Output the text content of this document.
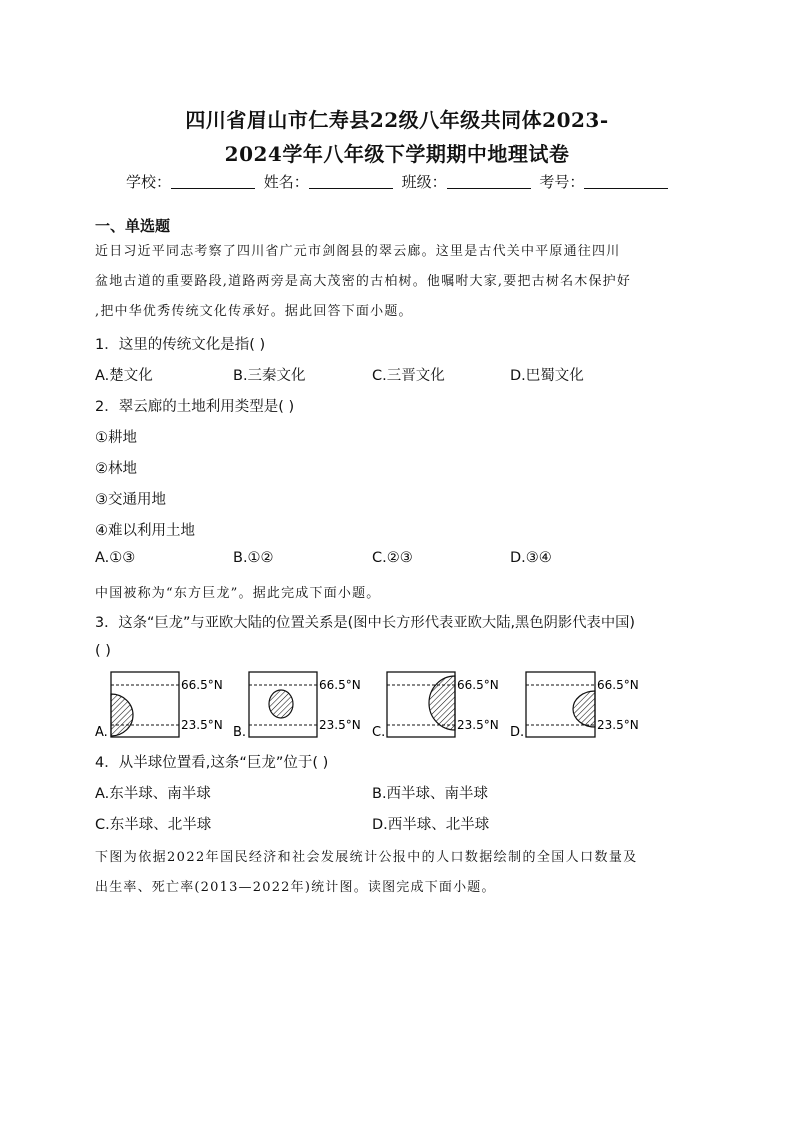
四川省眉山市仁寿县22级八年级共同体2023-
2024学年八年级下学期期中地理试卷
学校：	姓名：	班级：	考号：
一、单选题
近日习近平同志考察了四川省广元市剑阁县的翠云廊。这里是古代关中平原通往四川
盆地古道的重要路段,道路两旁是高大茂密的古柏树。他嘱咐大家,要把古树名木保护好
,把中华优秀传统文化传承好。据此回答下面小题。
1．这里的传统文化是指( )
A.楚文化	B.三秦文化	C.三晋文化	D.巴蜀文化
2．翠云廊的土地利用类型是( )
①耕地
②林地
③交通用地
④难以利用土地
A.①③	B.①②	C.②③	D.③④
中国被称为“东方巨龙”。据此完成下面小题。
3．这条“巨龙”与亚欧大陆的位置关系是(图中长方形代表亚欧大陆,黑色阴影代表中国)
( )
A.
66.5°N
23.5°N B.
66.5°N
23.5°N C.
66.5°N
23.5°N D.
66.5°N
23.5°N
4．从半球位置看,这条“巨龙”位于( )
A.东半球、南半球	B.西半球、南半球
C.东半球、北半球	D.西半球、北半球
下图为依据2022年国民经济和社会发展统计公报中的人口数据绘制的全国人口数量及
出生率、死亡率(2013—2022年)统计图。读图完成下面小题。
